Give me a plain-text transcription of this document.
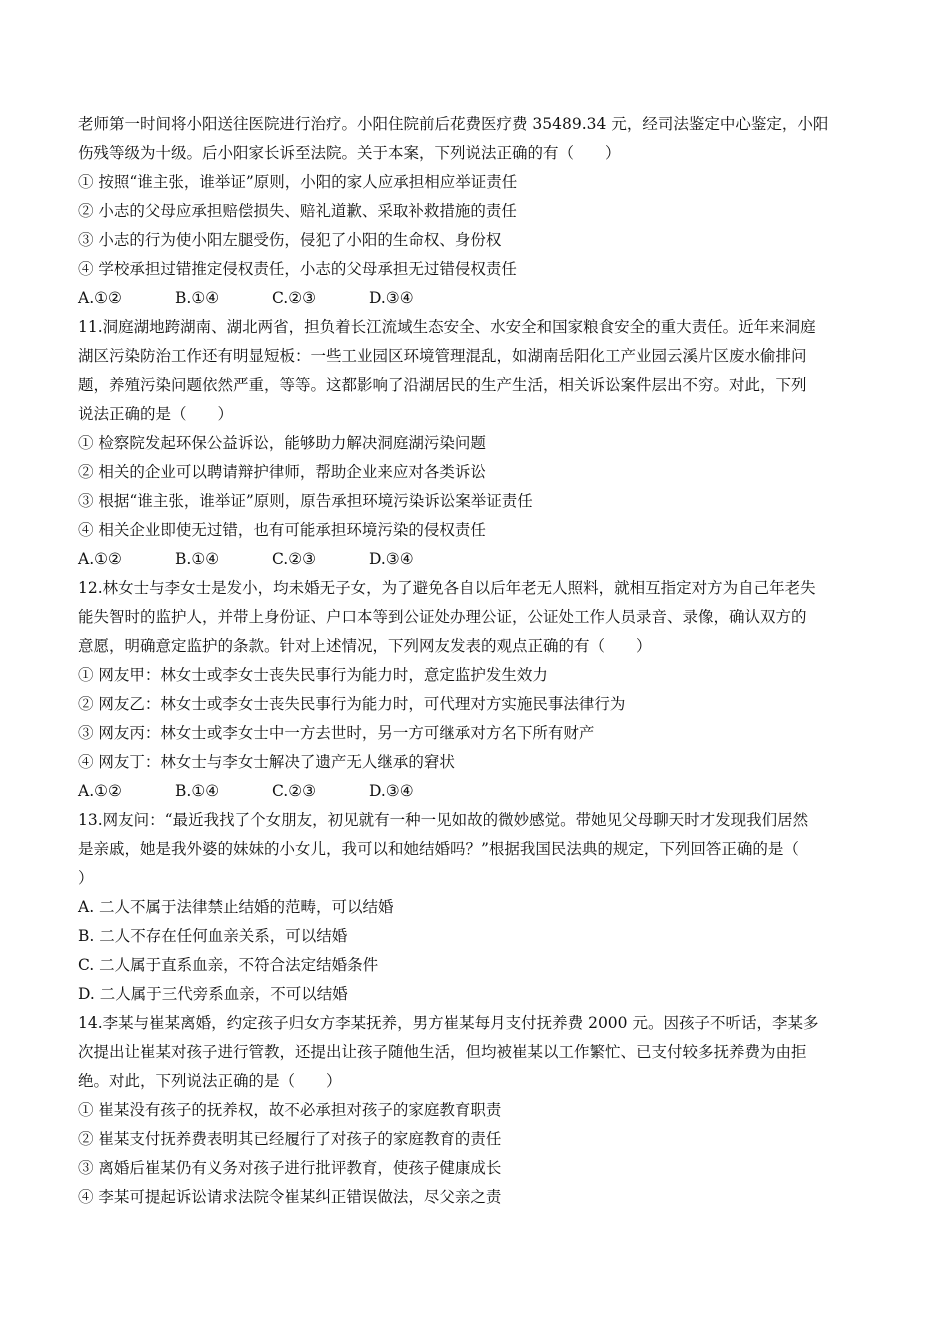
老师第一时间将小阳送往医院进行治疗。小阳住院前后花费医疗费 35489.34 元，经司法鉴定中心鉴定，小阳
伤残等级为十级。后小阳家长诉至法院。关于本案，下列说法正确的有（　　）
① 按照“谁主张，谁举证”原则，小阳的家人应承担相应举证责任
② 小志的父母应承担赔偿损失、赔礼道歉、采取补救措施的责任
③ 小志的行为使小阳左腿受伤，侵犯了小阳的生命权、身份权
④ 学校承担过错推定侵权责任，小志的父母承担无过错侵权责任
A.①②	B.①④	C.②③	D.③④
11.洞庭湖地跨湖南、湖北两省，担负着长江流域生态安全、水安全和国家粮食安全的重大责任。近年来洞庭
湖区污染防治工作还有明显短板：一些工业园区环境管理混乱，如湖南岳阳化工产业园云溪片区废水偷排问
题，养殖污染问题依然严重，等等。这都影响了沿湖居民的生产生活，相关诉讼案件层出不穷。对此，下列
说法正确的是（　　）
① 检察院发起环保公益诉讼，能够助力解决洞庭湖污染问题
② 相关的企业可以聘请辩护律师，帮助企业来应对各类诉讼
③ 根据“谁主张，谁举证”原则，原告承担环境污染诉讼案举证责任
④ 相关企业即使无过错，也有可能承担环境污染的侵权责任
A.①②	B.①④	C.②③	D.③④
12.林女士与李女士是发小，均未婚无子女，为了避免各自以后年老无人照料，就相互指定对方为自己年老失
能失智时的监护人，并带上身份证、户口本等到公证处办理公证，公证处工作人员录音、录像，确认双方的
意愿，明确意定监护的条款。针对上述情况，下列网友发表的观点正确的有（　　）
① 网友甲：林女士或李女士丧失民事行为能力时，意定监护发生效力
② 网友乙：林女士或李女士丧失民事行为能力时，可代理对方实施民事法律行为
③ 网友丙：林女士或李女士中一方去世时，另一方可继承对方名下所有财产
④ 网友丁：林女士与李女士解决了遗产无人继承的窘状
A.①②	B.①④	C.②③	D.③④
13.网友问：“最近我找了个女朋友，初见就有一种一见如故的微妙感觉。带她见父母聊天时才发现我们居然
是亲戚，她是我外婆的妹妹的小女儿，我可以和她结婚吗？”根据我国民法典的规定，下列回答正确的是（
）
A. 二人不属于法律禁止结婚的范畴，可以结婚
B. 二人不存在任何血亲关系，可以结婚
C. 二人属于直系血亲，不符合法定结婚条件
D. 二人属于三代旁系血亲，不可以结婚
14.李某与崔某离婚，约定孩子归女方李某抚养，男方崔某每月支付抚养费 2000 元。因孩子不听话，李某多
次提出让崔某对孩子进行管教，还提出让孩子随他生活，但均被崔某以工作繁忙、已支付较多抚养费为由拒
绝。对此，下列说法正确的是（　　）
① 崔某没有孩子的抚养权，故不必承担对孩子的家庭教育职责
② 崔某支付抚养费表明其已经履行了对孩子的家庭教育的责任
③ 离婚后崔某仍有义务对孩子进行批评教育，使孩子健康成长
④ 李某可提起诉讼请求法院令崔某纠正错误做法，尽父亲之责
